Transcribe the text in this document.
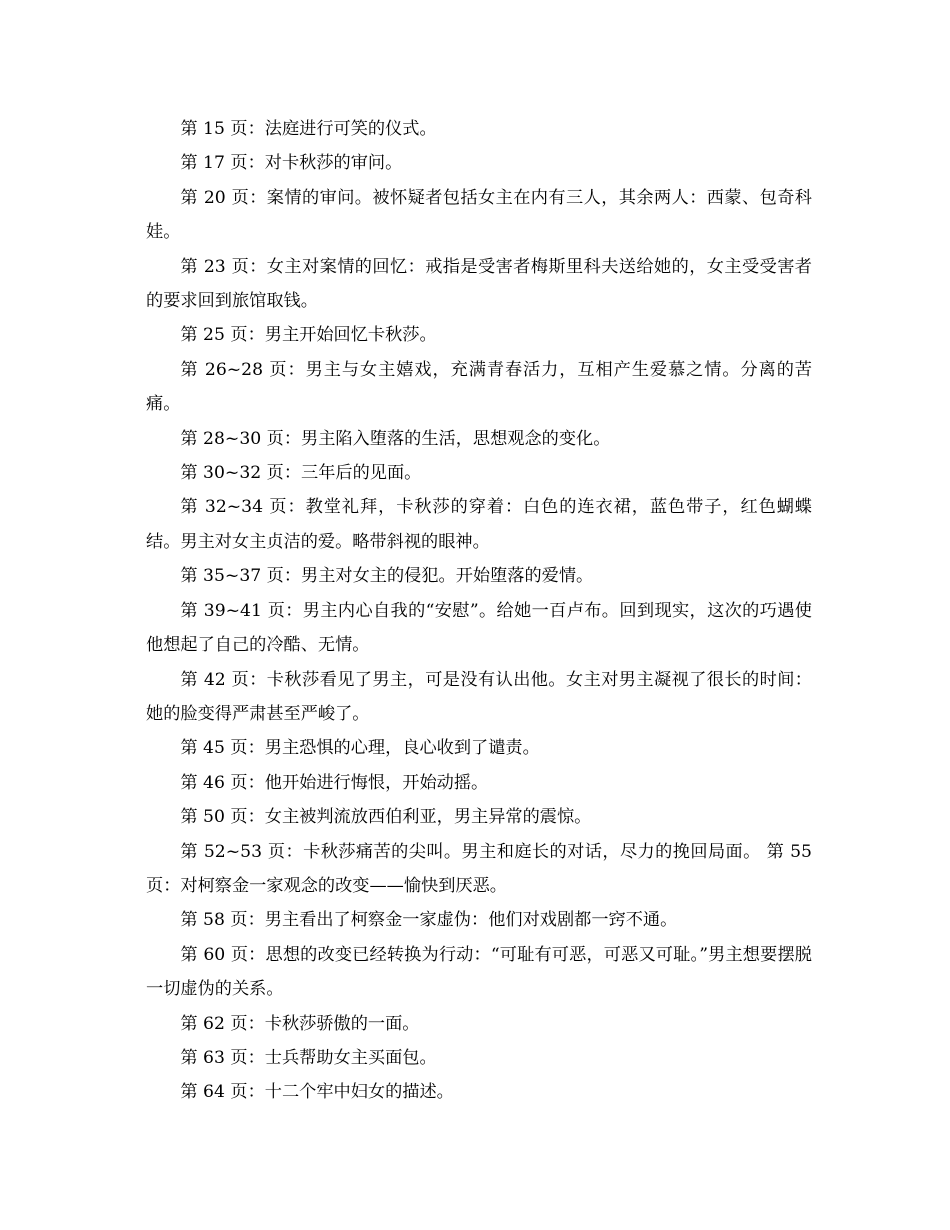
第 15 页：法庭进行可笑的仪式。

第 17 页：对卡秋莎的审问。

第 20 页：案情的审问。被怀疑者包括女主在内有三人，其余两人：西蒙、包奇科娃。

第 23 页：女主对案情的回忆：戒指是受害者梅斯里科夫送给她的，女主受受害者的要求回到旅馆取钱。

第 25 页：男主开始回忆卡秋莎。

第 26~28 页：男主与女主嬉戏，充满青春活力，互相产生爱慕之情。分离的苦痛。

第 28~30 页：男主陷入堕落的生活，思想观念的变化。

第 30~32 页：三年后的见面。

第 32~34 页：教堂礼拜，卡秋莎的穿着：白色的连衣裙，蓝色带子，红色蝴蝶结。男主对女主贞洁的爱。略带斜视的眼神。

第 35~37 页：男主对女主的侵犯。开始堕落的爱情。

第 39~41 页：男主内心自我的“安慰”。给她一百卢布。回到现实，这次的巧遇使他想起了自己的冷酷、无情。

第 42 页：卡秋莎看见了男主，可是没有认出他。女主对男主凝视了很长的时间：她的脸变得严肃甚至严峻了。

第 45 页：男主恐惧的心理，良心收到了谴责。

第 46 页：他开始进行悔恨，开始动摇。

第 50 页：女主被判流放西伯利亚，男主异常的震惊。

第 52~53 页：卡秋莎痛苦的尖叫。男主和庭长的对话，尽力的挽回局面。 第 55 页：对柯察金一家观念的改变——愉快到厌恶。

第 58 页：男主看出了柯察金一家虚伪：他们对戏剧都一窍不通。

第 60 页：思想的改变已经转换为行动：“可耻有可恶，可恶又可耻。”男主想要摆脱一切虚伪的关系。

第 62 页：卡秋莎骄傲的一面。

第 63 页：士兵帮助女主买面包。

第 64 页：十二个牢中妇女的描述。
